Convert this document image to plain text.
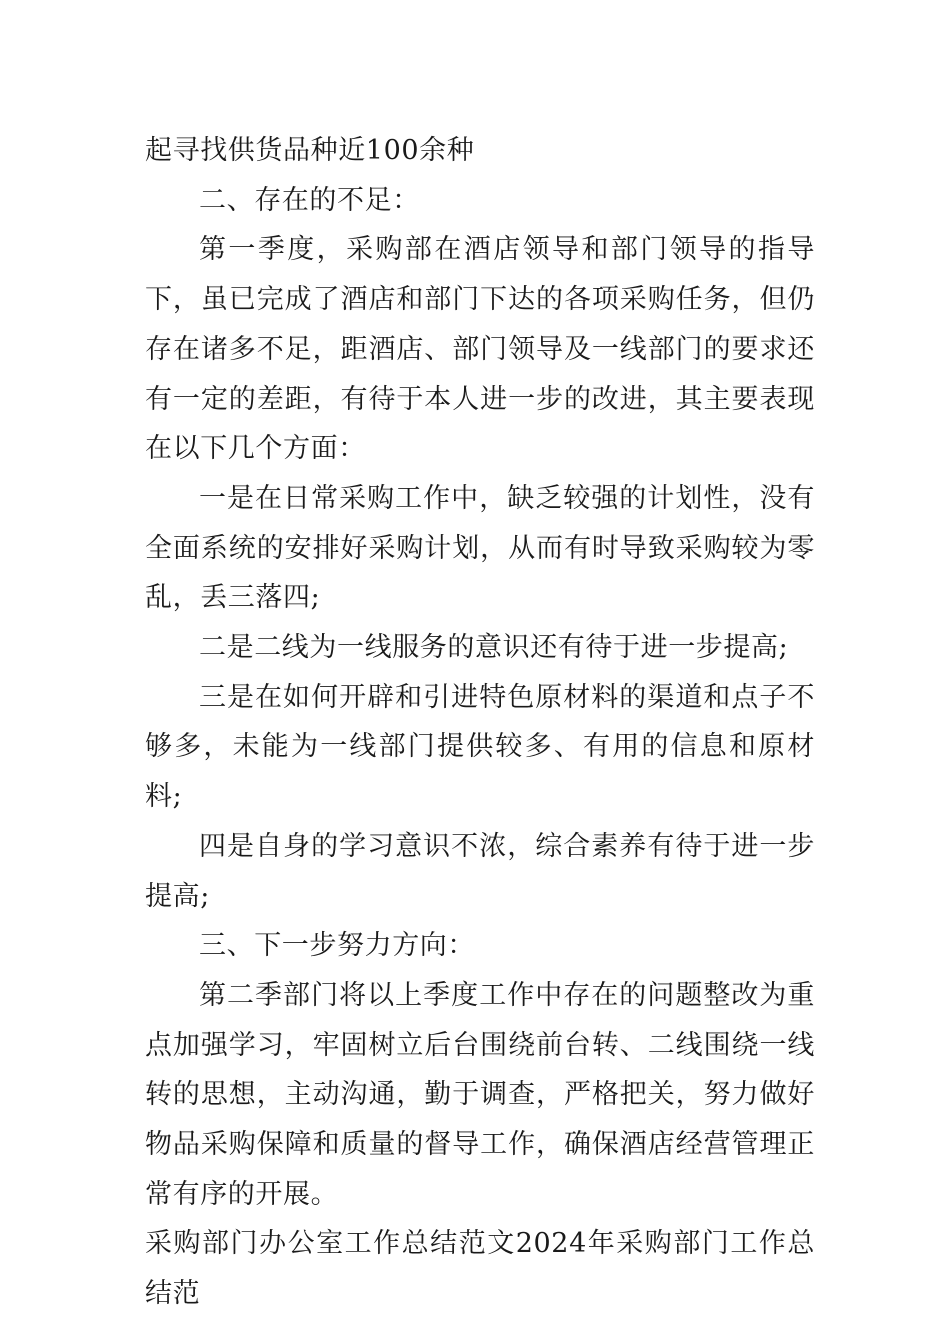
起寻找供货品种近100余种

二、存在的不足：

第一季度，采购部在酒店领导和部门领导的指导下，虽已完成了酒店和部门下达的各项采购任务，但仍存在诸多不足，距酒店、部门领导及一线部门的要求还有一定的差距，有待于本人进一步的改进，其主要表现在以下几个方面：

一是在日常采购工作中，缺乏较强的计划性，没有全面系统的安排好采购计划，从而有时导致采购较为零乱，丢三落四;

二是二线为一线服务的意识还有待于进一步提高;

三是在如何开辟和引进特色原材料的渠道和点子不够多，未能为一线部门提供较多、有用的信息和原材料;

四是自身的学习意识不浓，综合素养有待于进一步提高;

三、下一步努力方向：

第二季部门将以上季度工作中存在的问题整改为重点加强学习，牢固树立后台围绕前台转、二线围绕一线转的思想，主动沟通，勤于调查，严格把关，努力做好物品采购保障和质量的督导工作，确保酒店经营管理正常有序的开展。

采购部门办公室工作总结范文2024年采购部门工作总结范
